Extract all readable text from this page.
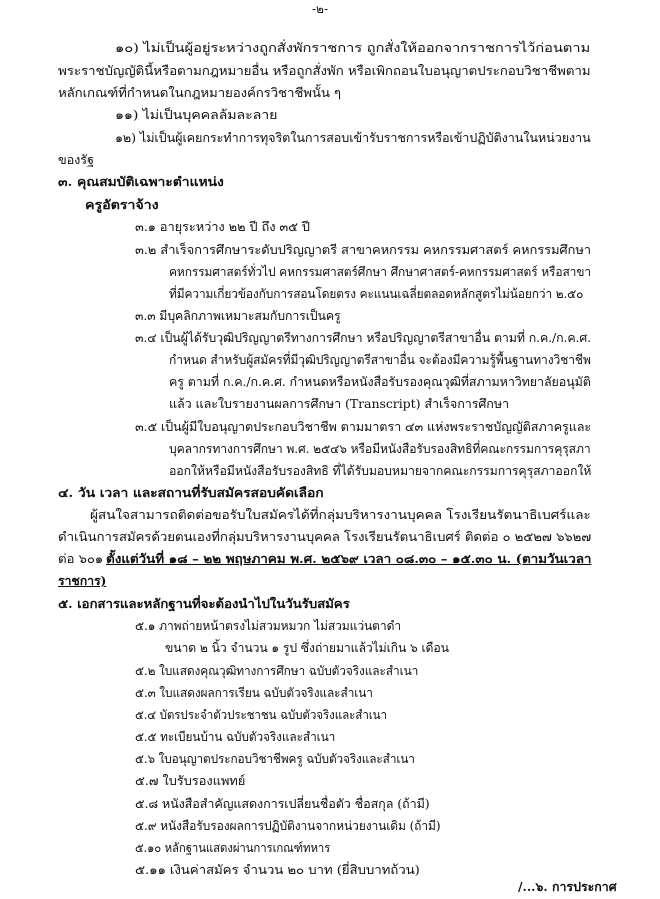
-๒-
๑๐) ไม่เป็นผู้อยู่ระหว่างถูกสั่งพักราชการ ถูกสั่งให้ออกจากราชการไว้ก่อนตาม
พระราชบัญญัตินี้หรือตามกฎหมายอื่น หรือถูกสั่งพัก หรือเพิกถอนใบอนุญาตประกอบวิชาชีพตาม
หลักเกณฑ์ที่กำหนดในกฎหมายองค์กรวิชาชีพนั้น ๆ
๑๑) ไม่เป็นบุคคลล้มละลาย
๑๒) ไม่เป็นผู้เคยกระทำการทุจริตในการสอบเข้ารับราชการหรือเข้าปฏิบัติงานในหน่วยงาน
ของรัฐ
๓. คุณสมบัติเฉพาะตำแหน่ง
ครูอัตราจ้าง
๓.๑ อายุระหว่าง ๒๒ ปี ถึง ๓๕ ปี
๓.๒ สำเร็จการศึกษาระดับปริญญาตรี สาขาคหกรรม คหกรรมศาสตร์ คหกรรมศึกษา
คหกรรมศาสตร์ทั่วไป คหกรรมศาสตร์ศึกษา ศึกษาศาสตร์-คหกรรมศาสตร์ หรือสาขา
ที่มีความเกี่ยวข้องกับการสอนโดยตรง คะแนนเฉลี่ยตลอดหลักสูตรไม่น้อยกว่า ๒.๕๐
๓.๓ มีบุคลิกภาพเหมาะสมกับการเป็นครู
๓.๔ เป็นผู้ได้รับวุฒิปริญญาตรีทางการศึกษา หรือปริญญาตรีสาขาอื่น ตามที่ ก.ค./ก.ค.ศ.
กำหนด สำหรับผู้สมัครที่มีวุฒิปริญญาตรีสาขาอื่น จะต้องมีความรู้พื้นฐานทางวิชาชีพ
ครู ตามที่ ก.ค./ก.ค.ศ. กำหนดหรือหนังสือรับรองคุณวุฒิที่สภามหาวิทยาลัยอนุมัติ
แล้ว และใบรายงานผลการศึกษา (Transcript) สำเร็จการศึกษา
๓.๕ เป็นผู้มีใบอนุญาตประกอบวิชาชีพ ตามมาตรา ๔๓ แห่งพระราชบัญญัติสภาครูและ
บุคลากรทางการศึกษา พ.ศ. ๒๕๔๖ หรือมีหนังสือรับรองสิทธิที่คณะกรรมการคุรุสภา
ออกให้หรือมีหนังสือรับรองสิทธิ ที่ได้รับมอบหมายจากคณะกรรมการคุรุสภาออกให้
๔. วัน เวลา และสถานที่รับสมัครสอบคัดเลือก
ผู้สนใจสามารถติดต่อขอรับใบสมัครได้ที่กลุ่มบริหารงานบุคคล โรงเรียนรัตนาธิเบศร์และ
ดำเนินการสมัครด้วยตนเองที่กลุ่มบริหารงานบุคคล โรงเรียนรัตนาธิเบศร์ ติดต่อ ๐ ๒๕๒๗ ๖๖๒๗
ต่อ ๖๐๑ ตั้งแต่วันที่ ๑๘ – ๒๒ พฤษภาคม พ.ศ. ๒๕๖๙ เวลา ๐๘.๓๐ – ๑๕.๓๐ น. (ตามวันเวลา
ราชการ)
๕. เอกสารและหลักฐานที่จะต้องนำไปในวันรับสมัคร
๕.๑ ภาพถ่ายหน้าตรงไม่สวมหมวก ไม่สวมแว่นตาดำ
ขนาด ๒ นิ้ว จำนวน ๑ รูป ซึ่งถ่ายมาแล้วไม่เกิน ๖ เดือน
๕.๒ ใบแสดงคุณวุฒิทางการศึกษา ฉบับตัวจริงและสำเนา
๕.๓ ใบแสดงผลการเรียน ฉบับตัวจริงและสำเนา
๕.๔ บัตรประจำตัวประชาชน ฉบับตัวจริงและสำเนา
๕.๕ ทะเบียนบ้าน ฉบับตัวจริงและสำเนา
๕.๖ ใบอนุญาตประกอบวิชาชีพครู ฉบับตัวจริงและสำเนา
๕.๗ ใบรับรองแพทย์
๕.๘ หนังสือสำคัญแสดงการเปลี่ยนชื่อตัว ชื่อสกุล (ถ้ามี)
๕.๙ หนังสือรับรองผลการปฏิบัติงานจากหน่วยงานเดิม (ถ้ามี)
๕.๑๐ หลักฐานแสดงผ่านการเกณฑ์ทหาร
๕.๑๑ เงินค่าสมัคร จำนวน ๒๐ บาท (ยี่สิบบาทถ้วน)
/...๖. การประกาศ
